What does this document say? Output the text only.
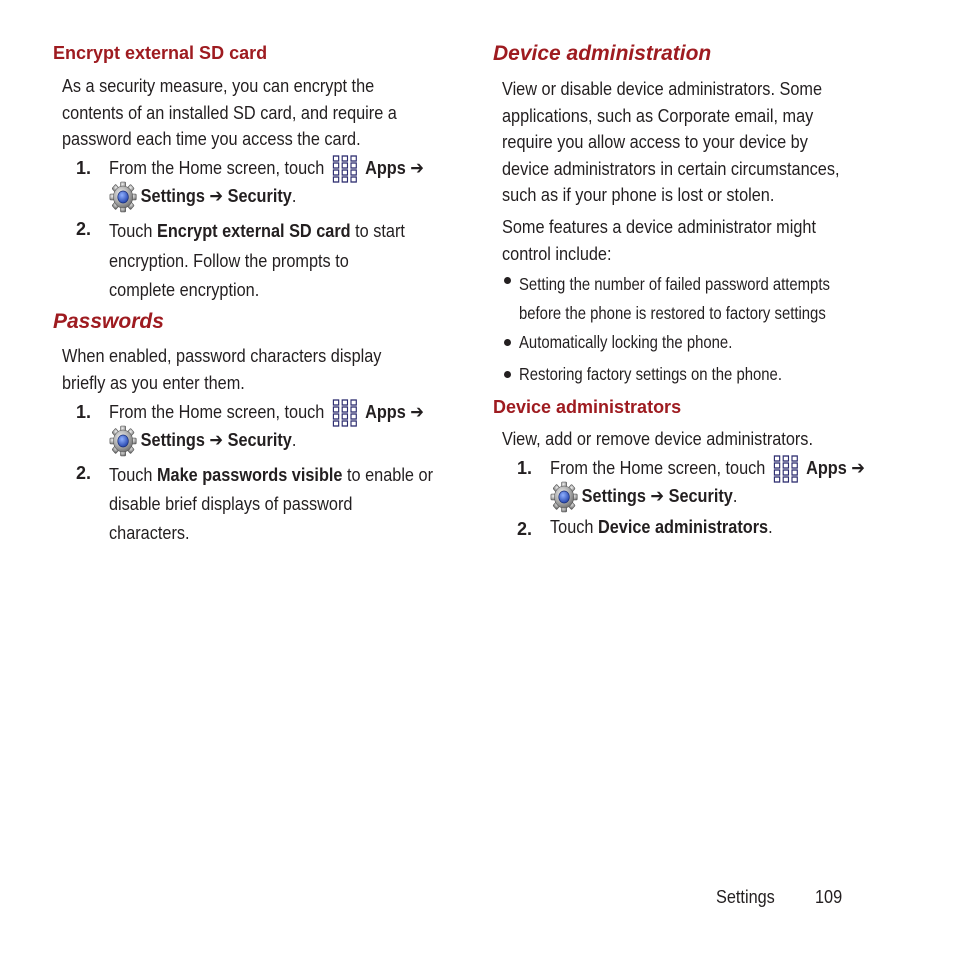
Encrypt external SD card
As a security measure, you can encrypt the
contents of an installed SD card, and require a
password each time you access the card.
1. From the Home screen, touch Apps ➔
Settings ➔ Security.
2. Touch Encrypt external SD card to start
encryption. Follow the prompts to
complete encryption.
Passwords
When enabled, password characters display
briefly as you enter them.
1. From the Home screen, touch Apps ➔
Settings ➔ Security.
2. Touch Make passwords visible to enable or
disable brief displays of password
characters.
Device administration
View or disable device administrators. Some
applications, such as Corporate email, may
require you allow access to your device by
device administrators in certain circumstances,
such as if your phone is lost or stolen.
Some features a device administrator might
control include:
Setting the number of failed password attempts
before the phone is restored to factory settings
Automatically locking the phone.
Restoring factory settings on the phone.
Device administrators
View, add or remove device administrators.
1. From the Home screen, touch Apps ➔
Settings ➔ Security.
2. Touch Device administrators.
Settings 109
